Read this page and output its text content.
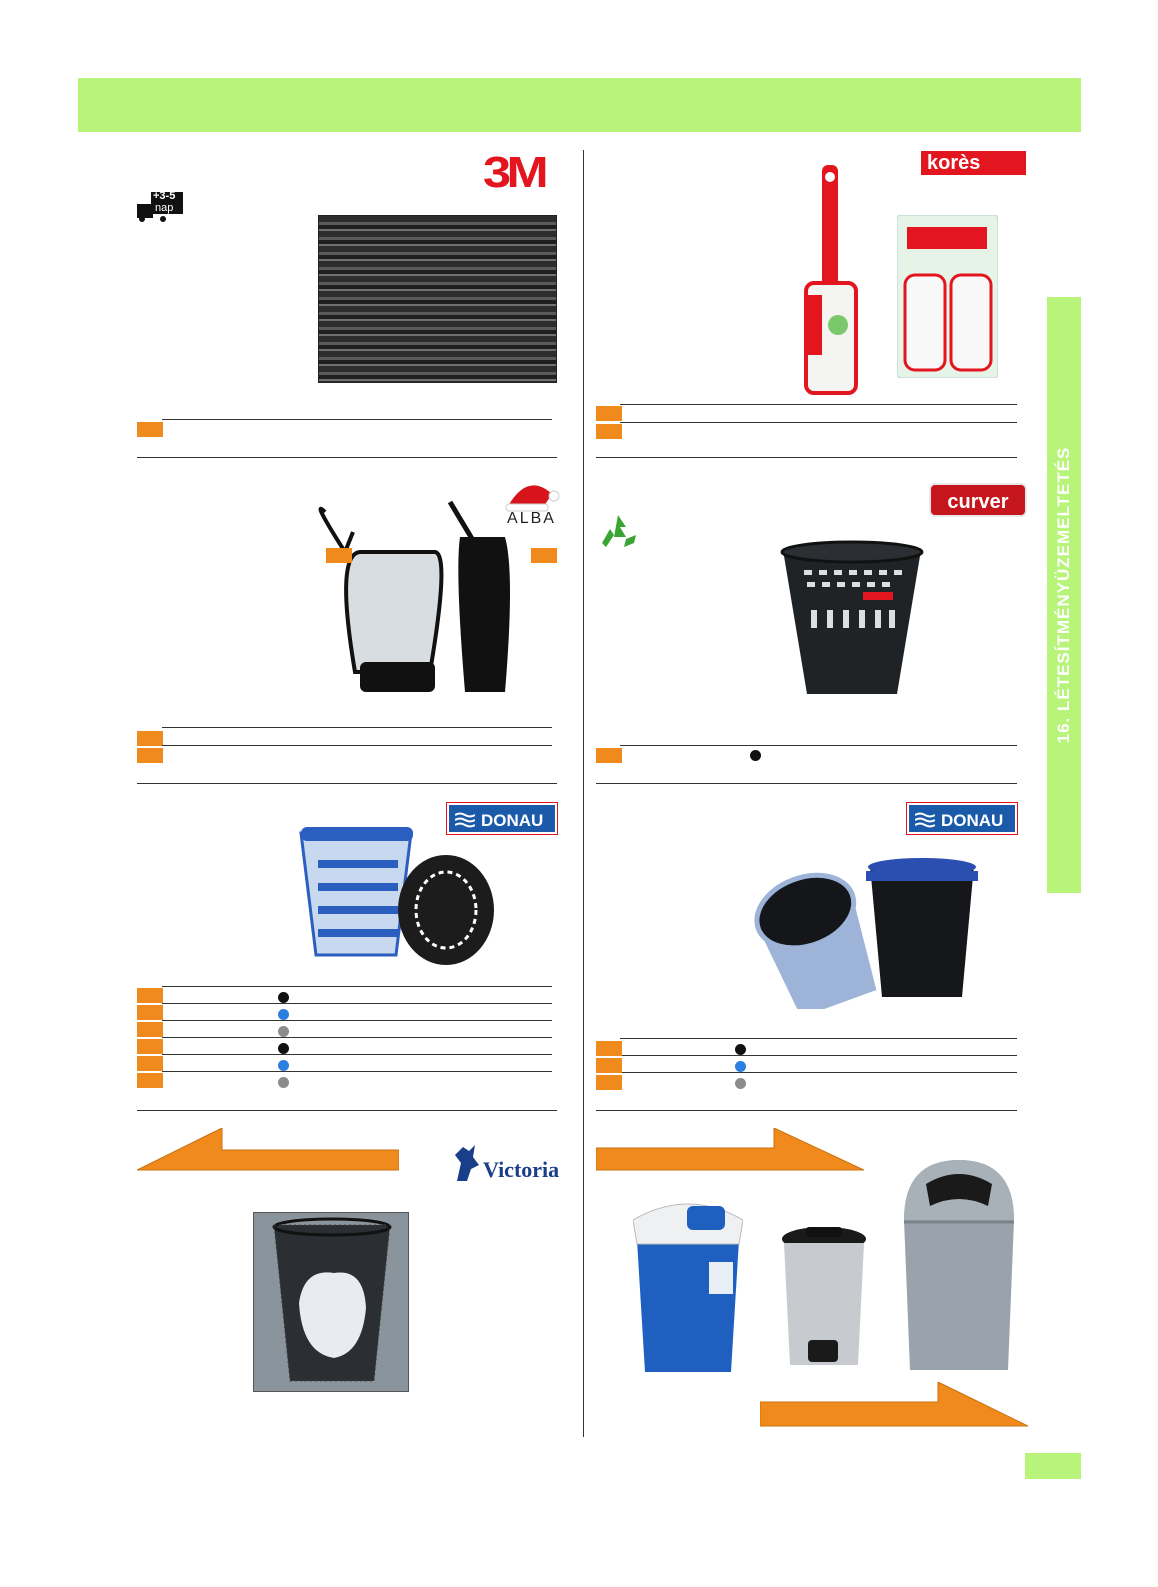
16. LÉTESÍTMÉNYÜZEMELTETÉS
3M
+3-5
nap
ALBA
DONAU
Victoria
korès
curver
DONAU
